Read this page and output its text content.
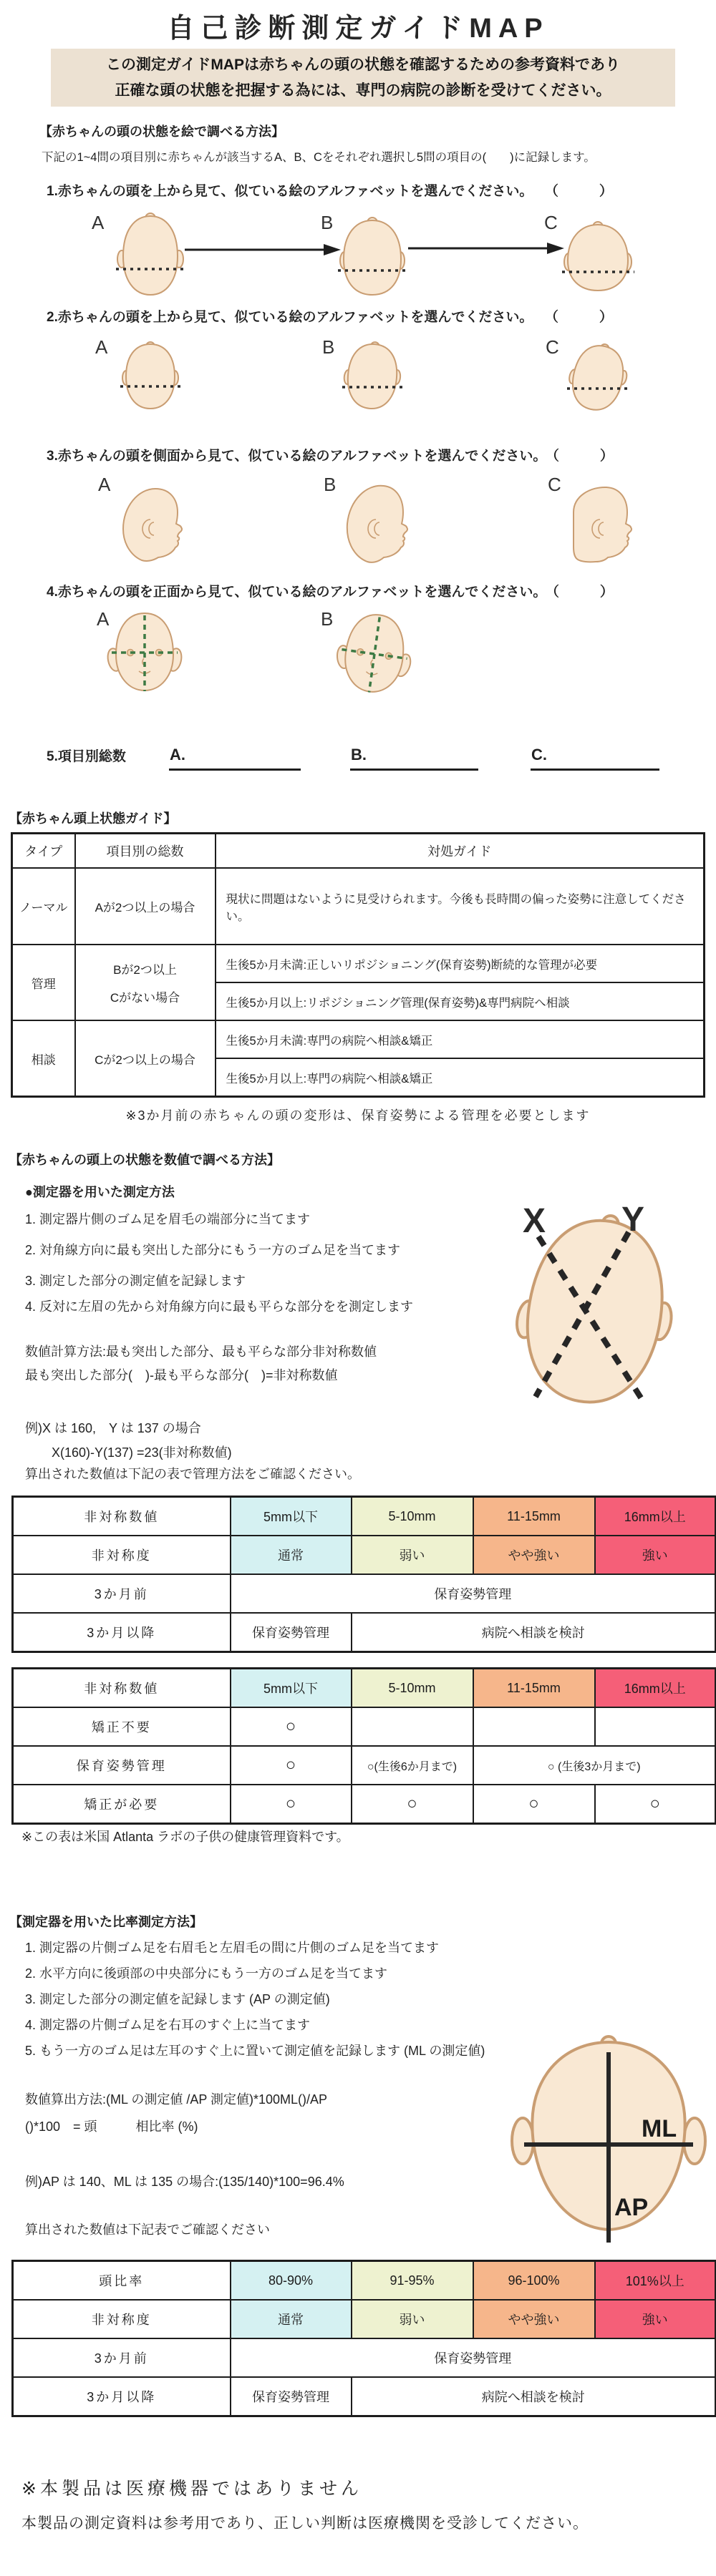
自己診断測定ガイドMAP
この測定ガイドMAPは赤ちゃんの頭の状態を確認するための参考資料であり
正確な頭の状態を把握する為には、専門の病院の診断を受けてください。
【赤ちゃんの頭の状態を絵で調べる方法】
下記の1~4問の項目別に赤ちゃんが該当するA、B、Cをそれぞれ選択し5問の項目の(　　)に記録します。
1.赤ちゃんの頭を上から見て、似ている絵のアルファベットを選んでください。 （　　　）
A	B	C
2.赤ちゃんの頭を上から見て、似ている絵のアルファベットを選んでください。 （　　　）
A	B	C
3.赤ちゃんの頭を側面から見て、似ている絵のアルファベットを選んでください。 （　　　）
A	B	C
4.赤ちゃんの頭を正面から見て、似ている絵のアルファベットを選んでください。 （　　　）
A	B
5.項目別総数	A.	B.	C.
【赤ちゃん頭上状態ガイド】
タイプ	項目別の総数	対処ガイド
ノーマル	Aが2つ以上の場合	現状に問題はないように見受けられます。今後も長時間の偏った姿勢に注意してください。
管理	Bが2つ以上
Cがない場合	生後5か月未満:正しいリポジショニング(保育姿勢)断続的な管理が必要
		生後5か月以上:リポジショニング管理(保育姿勢)&専門病院へ相談
相談	Cが2つ以上の場合	生後5か月未満:専門の病院へ相談&矯正
		生後5か月以上:専門の病院へ相談&矯正
※3か月前の赤ちゃんの頭の変形は、保育姿勢による管理を必要とします
【赤ちゃんの頭上の状態を数値で調べる方法】
●測定器を用いた測定方法
1. 測定器片側のゴム足を眉毛の端部分に当てます
2. 対角線方向に最も突出した部分にもう一方のゴム足を当てます
3. 測定した部分の測定値を記録します
4. 反対に左眉の先から対角線方向に最も平らな部分をを測定します
数値計算方法:最も突出した部分、最も平らな部分非対称数値
最も突出した部分(　)-最も平らな部分(　)=非対称数値
例)X は 160,　Y は 137 の場合
X(160)-Y(137) =23(非対称数値)
算出された数値は下記の表で管理方法をご確認ください。
X Y
非対称数値	5mm以下	5-10mm	11-15mm	16mm以上
非対称度	通常	弱い	やや強い	強い
3か月前	保育姿勢管理			
3か月以降	保育姿勢管理	病院へ相談を検討		
非対称数値	5mm以下	5-10mm	11-15mm	16mm以上
矯正不要	○			
保育姿勢管理	○	○(生後6か月まで)	○ (生後3か月まで)	
矯正が必要	○	○	○	○
※この表は米国 Atlanta ラボの子供の健康管理資料です。
【測定器を用いた比率測定方法】
1. 測定器の片側ゴム足を右眉毛と左眉毛の間に片側のゴム足を当てます
2. 水平方向に後頭部の中央部分にもう一方のゴム足を当てます
3. 測定した部分の測定値を記録します (AP の測定値)
4. 測定器の片側ゴム足を右耳のすぐ上に当てます
5. もう一方のゴム足は左耳のすぐ上に置いて測定値を記録します (ML の測定値)
数値算出方法:(ML の測定値 /AP 測定値)*100ML()/AP
()*100　= 頭　　　相比率 (%)
例)AP は 140、ML は 135 の場合:(135/140)*100=96.4%
算出された数値は下記表でご確認ください
ML
AP
頭比率	80-90%	91-95%	96-100%	101%以上
非対称度	通常	弱い	やや強い	強い
3か月前	保育姿勢管理			
3か月以降	保育姿勢管理	病院へ相談を検討		
※本製品は医療機器ではありません
本製品の測定資料は参考用であり、正しい判断は医療機関を受診してください。
